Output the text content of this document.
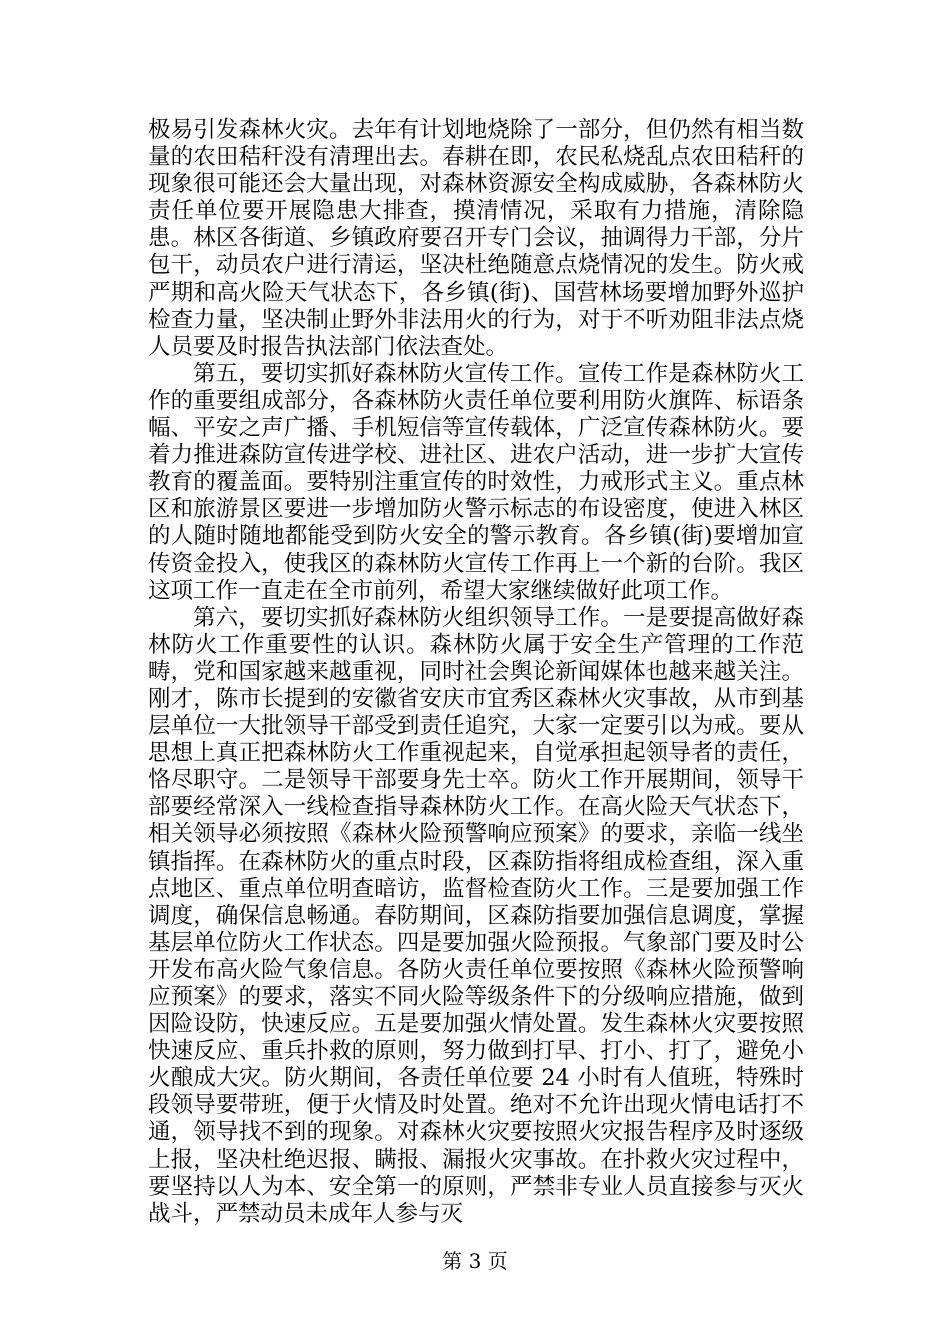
极易引发森林火灾。去年有计划地烧除了一部分，但仍然有相当数量的农田秸秆没有清理出去。春耕在即，农民私烧乱点农田秸秆的现象很可能还会大量出现，对森林资源安全构成威胁，各森林防火责任单位要开展隐患大排查，摸清情况，采取有力措施，清除隐患。林区各街道、乡镇政府要召开专门会议，抽调得力干部，分片包干，动员农户进行清运，坚决杜绝随意点烧情况的发生。防火戒严期和高火险天气状态下，各乡镇(街)、国营林场要增加野外巡护检查力量，坚决制止野外非法用火的行为，对于不听劝阻非法点烧人员要及时报告执法部门依法查处。

第五，要切实抓好森林防火宣传工作。宣传工作是森林防火工作的重要组成部分，各森林防火责任单位要利用防火旗阵、标语条幅、平安之声广播、手机短信等宣传载体，广泛宣传森林防火。要着力推进森防宣传进学校、进社区、进农户活动，进一步扩大宣传教育的覆盖面。要特别注重宣传的时效性，力戒形式主义。重点林区和旅游景区要进一步增加防火警示标志的布设密度，使进入林区的人随时随地都能受到防火安全的警示教育。各乡镇(街)要增加宣传资金投入，使我区的森林防火宣传工作再上一个新的台阶。我区这项工作一直走在全市前列，希望大家继续做好此项工作。

第六，要切实抓好森林防火组织领导工作。一是要提高做好森林防火工作重要性的认识。森林防火属于安全生产管理的工作范畴，党和国家越来越重视，同时社会舆论新闻媒体也越来越关注。刚才，陈市长提到的安徽省安庆市宜秀区森林火灾事故，从市到基层单位一大批领导干部受到责任追究，大家一定要引以为戒。要从思想上真正把森林防火工作重视起来，自觉承担起领导者的责任，恪尽职守。二是领导干部要身先士卒。防火工作开展期间，领导干部要经常深入一线检查指导森林防火工作。在高火险天气状态下，相关领导必须按照《森林火险预警响应预案》的要求，亲临一线坐镇指挥。在森林防火的重点时段，区森防指将组成检查组，深入重点地区、重点单位明查暗访，监督检查防火工作。三是要加强工作调度，确保信息畅通。春防期间，区森防指要加强信息调度，掌握基层单位防火工作状态。四是要加强火险预报。气象部门要及时公开发布高火险气象信息。各防火责任单位要按照《森林火险预警响应预案》的要求，落实不同火险等级条件下的分级响应措施，做到因险设防，快速反应。五是要加强火情处置。发生森林火灾要按照快速反应、重兵扑救的原则，努力做到打早、打小、打了，避免小火酿成大灾。防火期间，各责任单位要 24 小时有人值班，特殊时段领导要带班，便于火情及时处置。绝对不允许出现火情电话打不通，领导找不到的现象。对森林火灾要按照火灾报告程序及时逐级上报，坚决杜绝迟报、瞒报、漏报火灾事故。在扑救火灾过程中，要坚持以人为本、安全第一的原则，严禁非专业人员直接参与灭火战斗，严禁动员未成年人参与灭

第 3 页
